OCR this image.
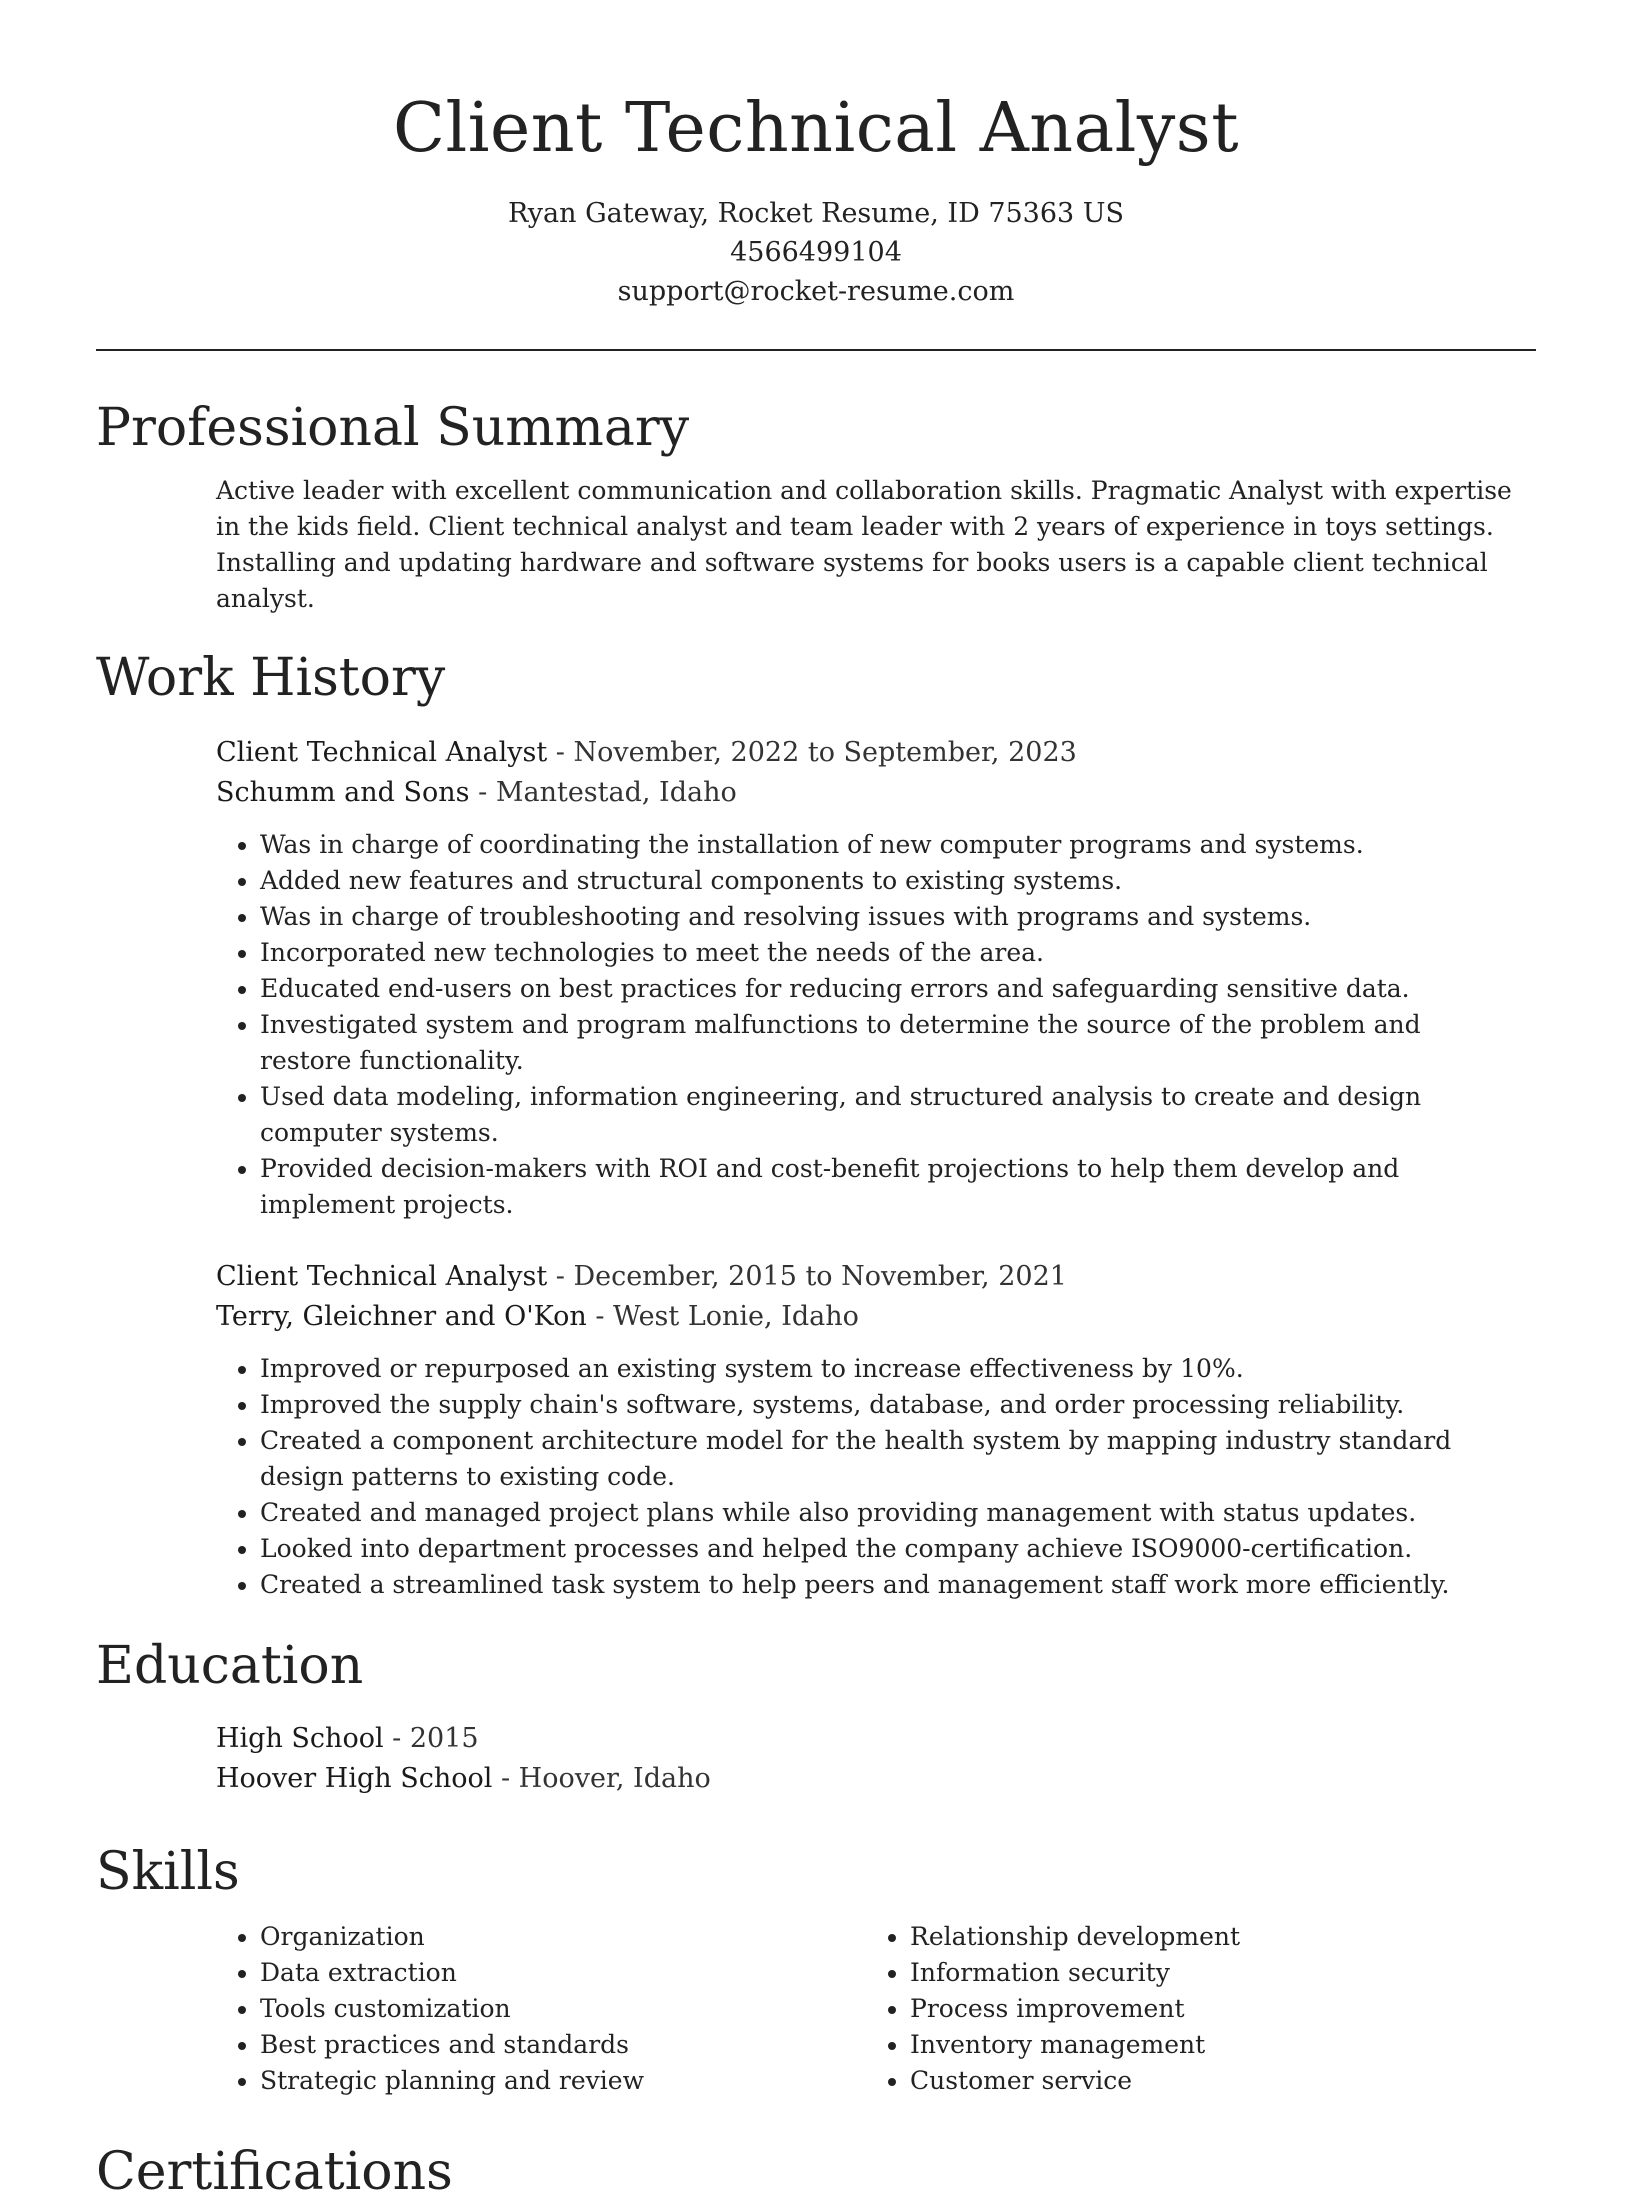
Client Technical Analyst

Ryan Gateway, Rocket Resume, ID 75363 US

4566499104

support@rocket-resume.com

Professional Summary

Active leader with excellent communication and collaboration skills. Pragmatic Analyst with expertise in the kids field. Client technical analyst and team leader with 2 years of experience in toys settings. Installing and updating hardware and software systems for books users is a capable client technical analyst.

Work History

Client Technical Analyst - November, 2022 to September, 2023

Schumm and Sons - Mantestad, Idaho

• Was in charge of coordinating the installation of new computer programs and systems.
• Added new features and structural components to existing systems.
• Was in charge of troubleshooting and resolving issues with programs and systems.
• Incorporated new technologies to meet the needs of the area.
• Educated end-users on best practices for reducing errors and safeguarding sensitive data.
• Investigated system and program malfunctions to determine the source of the problem and restore functionality.
• Used data modeling, information engineering, and structured analysis to create and design computer systems.
• Provided decision-makers with ROI and cost-benefit projections to help them develop and implement projects.

Client Technical Analyst - December, 2015 to November, 2021

Terry, Gleichner and O'Kon - West Lonie, Idaho

• Improved or repurposed an existing system to increase effectiveness by 10%.
• Improved the supply chain's software, systems, database, and order processing reliability.
• Created a component architecture model for the health system by mapping industry standard design patterns to existing code.
• Created and managed project plans while also providing management with status updates.
• Looked into department processes and helped the company achieve ISO9000-certification.
• Created a streamlined task system to help peers and management staff work more efficiently.
Education

High School - 2015

Hoover High School - Hoover, Idaho

Skills
• Organization
• Data extraction
• Tools customization
• Best practices and standards
• Strategic planning and review
• Relationship development
• Information security
• Process improvement
• Inventory management
• Customer service
Certifications
